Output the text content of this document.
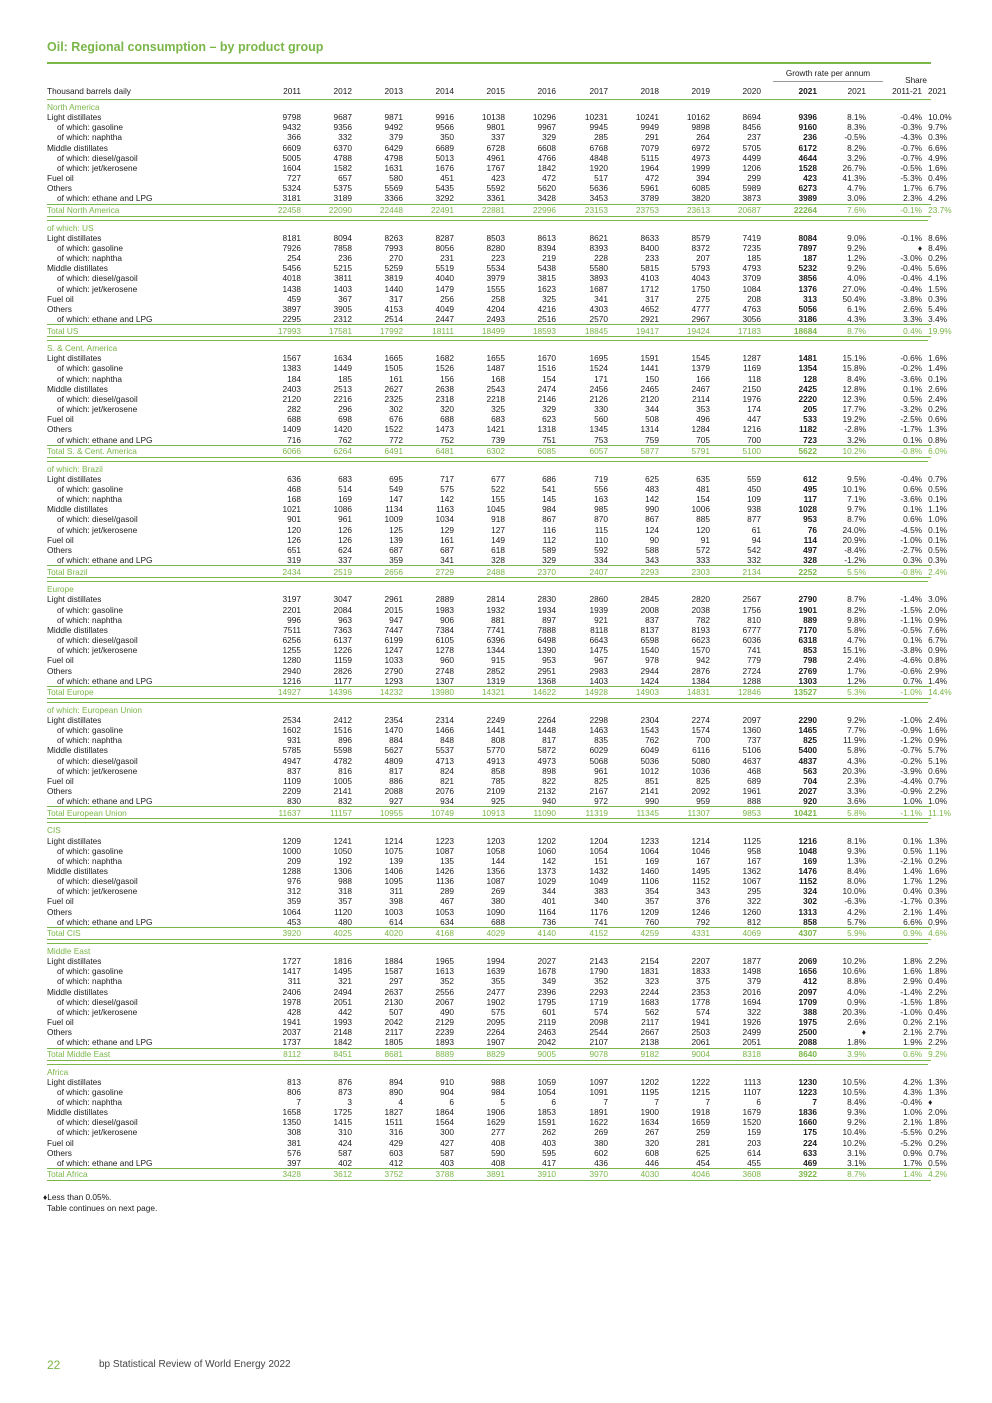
Oil: Regional consumption – by product group
Growth rate per annum
Share
Thousand barrels daily		2011	2012	2013	2014	2015	2016	2017	2018	2019	2020	2021	2021	2011-21	2021
North America														
Light distillates	9798	9687	9871	9916	10138	10296	10231	10241	10162	8694	9396	8.1%	-0.4%	10.0%
of which: gasoline	9432	9356	9492	9566	9801	9967	9945	9949	9898	8456	9160	8.3%	-0.3%	9.7%
of which: naphtha	366	332	379	350	337	329	285	291	264	237	236	-0.5%	-4.3%	0.3%
Middle distillates	6609	6370	6429	6689	6728	6608	6768	7079	6972	5705	6172	8.2%	-0.7%	6.6%
of which: diesel/gasoil	5005	4788	4798	5013	4961	4766	4848	5115	4973	4499	4644	3.2%	-0.7%	4.9%
of which: jet/kerosene	1604	1582	1631	1676	1767	1842	1920	1964	1999	1206	1528	26.7%	-0.5%	1.6%
Fuel oil	727	657	580	451	423	472	517	472	394	299	423	41.3%	-5.3%	0.4%
Others	5324	5375	5569	5435	5592	5620	5636	5961	6085	5989	6273	4.7%	1.7%	6.7%
of which: ethane and LPG	3181	3189	3366	3292	3361	3428	3453	3789	3820	3873	3989	3.0%	2.3%	4.2%
Total North America	22458	22090	22448	22491	22881	22996	23153	23753	23613	20687	22264	7.6%	-0.1%	23.7%

of which: US														
Light distillates	8181	8094	8263	8287	8503	8613	8621	8633	8579	7419	8084	9.0%	-0.1%	8.6%
of which: gasoline	7926	7858	7993	8056	8280	8394	8393	8400	8372	7235	7897	9.2%	♦	8.4%
of which: naphtha	254	236	270	231	223	219	228	233	207	185	187	1.2%	-3.0%	0.2%
Middle distillates	5456	5215	5259	5519	5534	5438	5580	5815	5793	4793	5232	9.2%	-0.4%	5.6%
of which: diesel/gasoil	4018	3811	3819	4040	3979	3815	3893	4103	4043	3709	3856	4.0%	-0.4%	4.1%
of which: jet/kerosene	1438	1403	1440	1479	1555	1623	1687	1712	1750	1084	1376	27.0%	-0.4%	1.5%
Fuel oil	459	367	317	256	258	325	341	317	275	208	313	50.4%	-3.8%	0.3%
Others	3897	3905	4153	4049	4204	4216	4303	4652	4777	4763	5056	6.1%	2.6%	5.4%
of which: ethane and LPG	2295	2312	2514	2447	2493	2516	2570	2921	2967	3056	3186	4.3%	3.3%	3.4%
Total US	17993	17581	17992	18111	18499	18593	18845	19417	19424	17183	18684	8.7%	0.4%	19.9%

S. & Cent. America														
Light distillates	1567	1634	1665	1682	1655	1670	1695	1591	1545	1287	1481	15.1%	-0.6%	1.6%
of which: gasoline	1383	1449	1505	1526	1487	1516	1524	1441	1379	1169	1354	15.8%	-0.2%	1.4%
of which: naphtha	184	185	161	156	168	154	171	150	166	118	128	8.4%	-3.6%	0.1%
Middle distillates	2403	2513	2627	2638	2543	2474	2456	2465	2467	2150	2425	12.8%	0.1%	2.6%
of which: diesel/gasoil	2120	2216	2325	2318	2218	2146	2126	2120	2114	1976	2220	12.3%	0.5%	2.4%
of which: jet/kerosene	282	296	302	320	325	329	330	344	353	174	205	17.7%	-3.2%	0.2%
Fuel oil	688	698	676	688	683	623	560	508	496	447	533	19.2%	-2.5%	0.6%
Others	1409	1420	1522	1473	1421	1318	1345	1314	1284	1216	1182	-2.8%	-1.7%	1.3%
of which: ethane and LPG	716	762	772	752	739	751	753	759	705	700	723	3.2%	0.1%	0.8%
Total S. & Cent. America	6066	6264	6491	6481	6302	6085	6057	5877	5791	5100	5622	10.2%	-0.8%	6.0%

of which: Brazil														
Light distillates	636	683	695	717	677	686	719	625	635	559	612	9.5%	-0.4%	0.7%
of which: gasoline	468	514	549	575	522	541	556	483	481	450	495	10.1%	0.6%	0.5%
of which: naphtha	168	169	147	142	155	145	163	142	154	109	117	7.1%	-3.6%	0.1%
Middle distillates	1021	1086	1134	1163	1045	984	985	990	1006	938	1028	9.7%	0.1%	1.1%
of which: diesel/gasoil	901	961	1009	1034	918	867	870	867	885	877	953	8.7%	0.6%	1.0%
of which: jet/kerosene	120	126	125	129	127	116	115	124	120	61	76	24.0%	-4.5%	0.1%
Fuel oil	126	126	139	161	149	112	110	90	91	94	114	20.9%	-1.0%	0.1%
Others	651	624	687	687	618	589	592	588	572	542	497	-8.4%	-2.7%	0.5%
of which: ethane and LPG	319	337	359	341	328	329	334	343	333	332	328	-1.2%	0.3%	0.3%
Total Brazil	2434	2519	2656	2729	2488	2370	2407	2293	2303	2134	2252	5.5%	-0.8%	2.4%

Europe														
Light distillates	3197	3047	2961	2889	2814	2830	2860	2845	2820	2567	2790	8.7%	-1.4%	3.0%
of which: gasoline	2201	2084	2015	1983	1932	1934	1939	2008	2038	1756	1901	8.2%	-1.5%	2.0%
of which: naphtha	996	963	947	906	881	897	921	837	782	810	889	9.8%	-1.1%	0.9%
Middle distillates	7511	7363	7447	7384	7741	7888	8118	8137	8193	6777	7170	5.8%	-0.5%	7.6%
of which: diesel/gasoil	6256	6137	6199	6105	6396	6498	6643	6598	6623	6036	6318	4.7%	0.1%	6.7%
of which: jet/kerosene	1255	1226	1247	1278	1344	1390	1475	1540	1570	741	853	15.1%	-3.8%	0.9%
Fuel oil	1280	1159	1033	960	915	953	967	978	942	779	798	2.4%	-4.6%	0.8%
Others	2940	2826	2790	2748	2852	2951	2983	2944	2876	2724	2769	1.7%	-0.6%	2.9%
of which: ethane and LPG	1216	1177	1293	1307	1319	1368	1403	1424	1384	1288	1303	1.2%	0.7%	1.4%
Total Europe	14927	14396	14232	13980	14321	14622	14928	14903	14831	12846	13527	5.3%	-1.0%	14.4%

of which: European Union														
Light distillates	2534	2412	2354	2314	2249	2264	2298	2304	2274	2097	2290	9.2%	-1.0%	2.4%
of which: gasoline	1602	1516	1470	1466	1441	1448	1463	1543	1574	1360	1465	7.7%	-0.9%	1.6%
of which: naphtha	931	896	884	848	808	817	835	762	700	737	825	11.9%	-1.2%	0.9%
Middle distillates	5785	5598	5627	5537	5770	5872	6029	6049	6116	5106	5400	5.8%	-0.7%	5.7%
of which: diesel/gasoil	4947	4782	4809	4713	4913	4973	5068	5036	5080	4637	4837	4.3%	-0.2%	5.1%
of which: jet/kerosene	837	816	817	824	858	898	961	1012	1036	468	563	20.3%	-3.9%	0.6%
Fuel oil	1109	1005	886	821	785	822	825	851	825	689	704	2.3%	-4.4%	0.7%
Others	2209	2141	2088	2076	2109	2132	2167	2141	2092	1961	2027	3.3%	-0.9%	2.2%
of which: ethane and LPG	830	832	927	934	925	940	972	990	959	888	920	3.6%	1.0%	1.0%
Total European Union	11637	11157	10955	10749	10913	11090	11319	11345	11307	9853	10421	5.8%	-1.1%	11.1%

CIS														
Light distillates	1209	1241	1214	1223	1203	1202	1204	1233	1214	1125	1216	8.1%	0.1%	1.3%
of which: gasoline	1000	1050	1075	1087	1058	1060	1054	1064	1046	958	1048	9.3%	0.5%	1.1%
of which: naphtha	209	192	139	135	144	142	151	169	167	167	169	1.3%	-2.1%	0.2%
Middle distillates	1288	1306	1406	1426	1356	1373	1432	1460	1495	1362	1476	8.4%	1.4%	1.6%
of which: diesel/gasoil	976	988	1095	1136	1087	1029	1049	1106	1152	1067	1152	8.0%	1.7%	1.2%
of which: jet/kerosene	312	318	311	289	269	344	383	354	343	295	324	10.0%	0.4%	0.3%
Fuel oil	359	357	398	467	380	401	340	357	376	322	302	-6.3%	-1.7%	0.3%
Others	1064	1120	1003	1053	1090	1164	1176	1209	1246	1260	1313	4.2%	2.1%	1.4%
of which: ethane and LPG	453	480	614	634	688	736	741	760	792	812	858	5.7%	6.6%	0.9%
Total CIS	3920	4025	4020	4168	4029	4140	4152	4259	4331	4069	4307	5.9%	0.9%	4.6%

Middle East														
Light distillates	1727	1816	1884	1965	1994	2027	2143	2154	2207	1877	2069	10.2%	1.8%	2.2%
of which: gasoline	1417	1495	1587	1613	1639	1678	1790	1831	1833	1498	1656	10.6%	1.6%	1.8%
of which: naphtha	311	321	297	352	355	349	352	323	375	379	412	8.8%	2.9%	0.4%
Middle distillates	2406	2494	2637	2556	2477	2396	2293	2244	2353	2016	2097	4.0%	-1.4%	2.2%
of which: diesel/gasoil	1978	2051	2130	2067	1902	1795	1719	1683	1778	1694	1709	0.9%	-1.5%	1.8%
of which: jet/kerosene	428	442	507	490	575	601	574	562	574	322	388	20.3%	-1.0%	0.4%
Fuel oil	1941	1993	2042	2129	2095	2119	2098	2117	1941	1926	1975	2.6%	0.2%	2.1%
Others	2037	2148	2117	2239	2264	2463	2544	2667	2503	2499	2500	♦	2.1%	2.7%
of which: ethane and LPG	1737	1842	1805	1893	1907	2042	2107	2138	2061	2051	2088	1.8%	1.9%	2.2%
Total Middle East	8112	8451	8681	8889	8829	9005	9078	9182	9004	8318	8640	3.9%	0.6%	9.2%

Africa														
Light distillates	813	876	894	910	988	1059	1097	1202	1222	1113	1230	10.5%	4.2%	1.3%
of which: gasoline	806	873	890	904	984	1054	1091	1195	1215	1107	1223	10.5%	4.3%	1.3%
of which: naphtha	7	3	4	6	5	6	7	7	7	6	7	8.4%	-0.4%	♦
Middle distillates	1658	1725	1827	1864	1906	1853	1891	1900	1918	1679	1836	9.3%	1.0%	2.0%
of which: diesel/gasoil	1350	1415	1511	1564	1629	1591	1622	1634	1659	1520	1660	9.2%	2.1%	1.8%
of which: jet/kerosene	308	310	316	300	277	262	269	267	259	159	175	10.4%	-5.5%	0.2%
Fuel oil	381	424	429	427	408	403	380	320	281	203	224	10.2%	-5.2%	0.2%
Others	576	587	603	587	590	595	602	608	625	614	633	3.1%	0.9%	0.7%
of which: ethane and LPG	397	402	412	403	408	417	436	446	454	455	469	3.1%	1.7%	0.5%
Total Africa	3428	3612	3752	3788	3891	3910	3970	4030	4046	3608	3922	8.7%	1.4%	4.2%

♦Less than 0.05%.
Table continues on next page.
22	bp Statistical Review of World Energy 2022
